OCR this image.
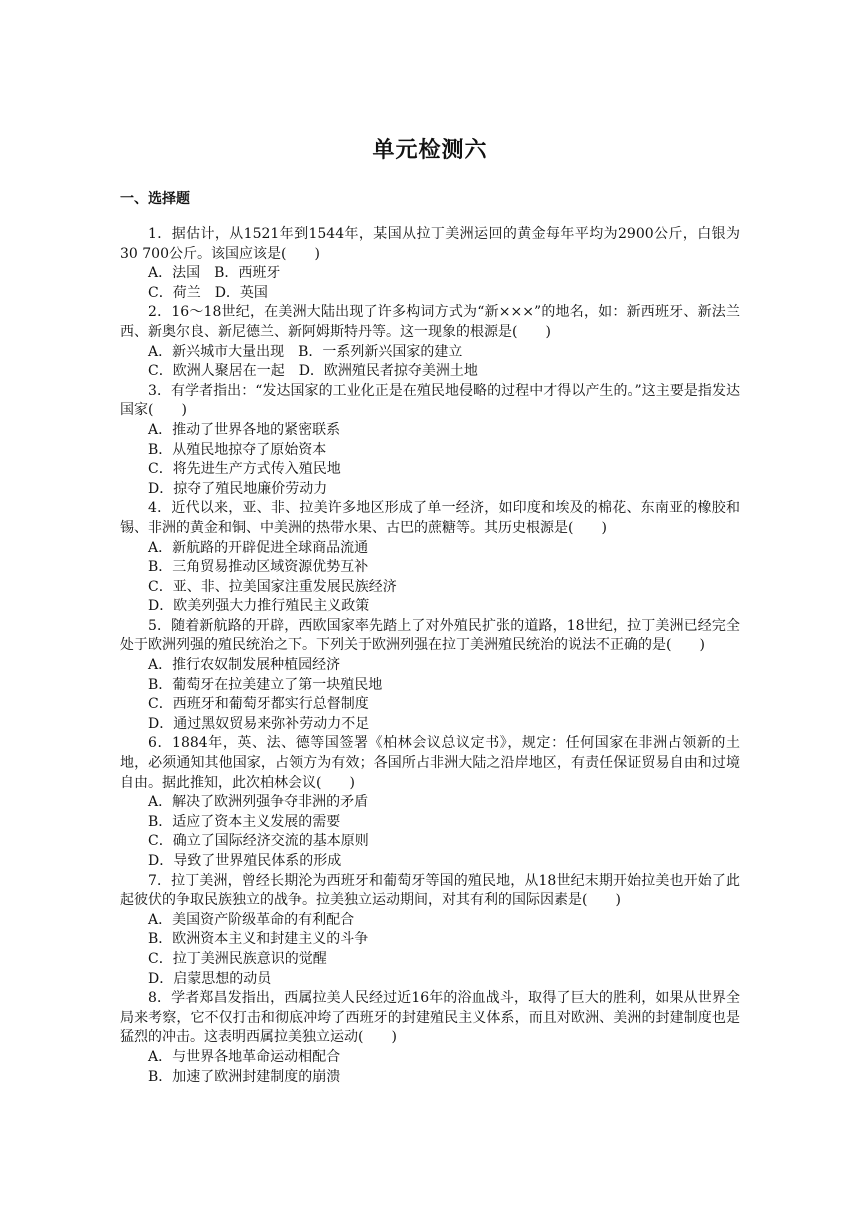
单元检测六
一、选择题

1．据估计，从1521年到1544年，某国从拉丁美洲运回的黄金每年平均为2900公斤，白银为30 700公斤。该国应该是(　　)

A．法国　B．西班牙

C．荷兰　D．英国

2．16～18世纪，在美洲大陆出现了许多构词方式为“新×××”的地名，如：新西班牙、新法兰西、新奥尔良、新尼德兰、新阿姆斯特丹等。这一现象的根源是(　　)

A．新兴城市大量出现　B．一系列新兴国家的建立

C．欧洲人聚居在一起　D．欧洲殖民者掠夺美洲土地

3．有学者指出：“发达国家的工业化正是在殖民地侵略的过程中才得以产生的。”这主要是指发达国家(　　)

A．推动了世界各地的紧密联系

B．从殖民地掠夺了原始资本

C．将先进生产方式传入殖民地

D．掠夺了殖民地廉价劳动力

4．近代以来，亚、非、拉美许多地区形成了单一经济，如印度和埃及的棉花、东南亚的橡胶和锡、非洲的黄金和铜、中美洲的热带水果、古巴的蔗糖等。其历史根源是(　　)

A．新航路的开辟促进全球商品流通

B．三角贸易推动区域资源优势互补

C．亚、非、拉美国家注重发展民族经济

D．欧美列强大力推行殖民主义政策

5．随着新航路的开辟，西欧国家率先踏上了对外殖民扩张的道路，18世纪，拉丁美洲已经完全处于欧洲列强的殖民统治之下。下列关于欧洲列强在拉丁美洲殖民统治的说法不正确的是(　　)

A．推行农奴制发展种植园经济

B．葡萄牙在拉美建立了第一块殖民地

C．西班牙和葡萄牙都实行总督制度

D．通过黑奴贸易来弥补劳动力不足

6．1884年，英、法、德等国签署《柏林会议总议定书》，规定：任何国家在非洲占领新的土地，必须通知其他国家，占领方为有效；各国所占非洲大陆之沿岸地区，有责任保证贸易自由和过境自由。据此推知，此次柏林会议(　　)

A．解决了欧洲列强争夺非洲的矛盾

B．适应了资本主义发展的需要

C．确立了国际经济交流的基本原则

D．导致了世界殖民体系的形成

7．拉丁美洲，曾经长期沦为西班牙和葡萄牙等国的殖民地，从18世纪末期开始拉美也开始了此起彼伏的争取民族独立的战争。拉美独立运动期间，对其有利的国际因素是(　　)

A．美国资产阶级革命的有利配合

B．欧洲资本主义和封建主义的斗争

C．拉丁美洲民族意识的觉醒

D．启蒙思想的动员

8．学者郑昌发指出，西属拉美人民经过近16年的浴血战斗，取得了巨大的胜利，如果从世界全局来考察，它不仅打击和彻底冲垮了西班牙的封建殖民主义体系，而且对欧洲、美洲的封建制度也是猛烈的冲击。这表明西属拉美独立运动(　　)

A．与世界各地革命运动相配合

B．加速了欧洲封建制度的崩溃
